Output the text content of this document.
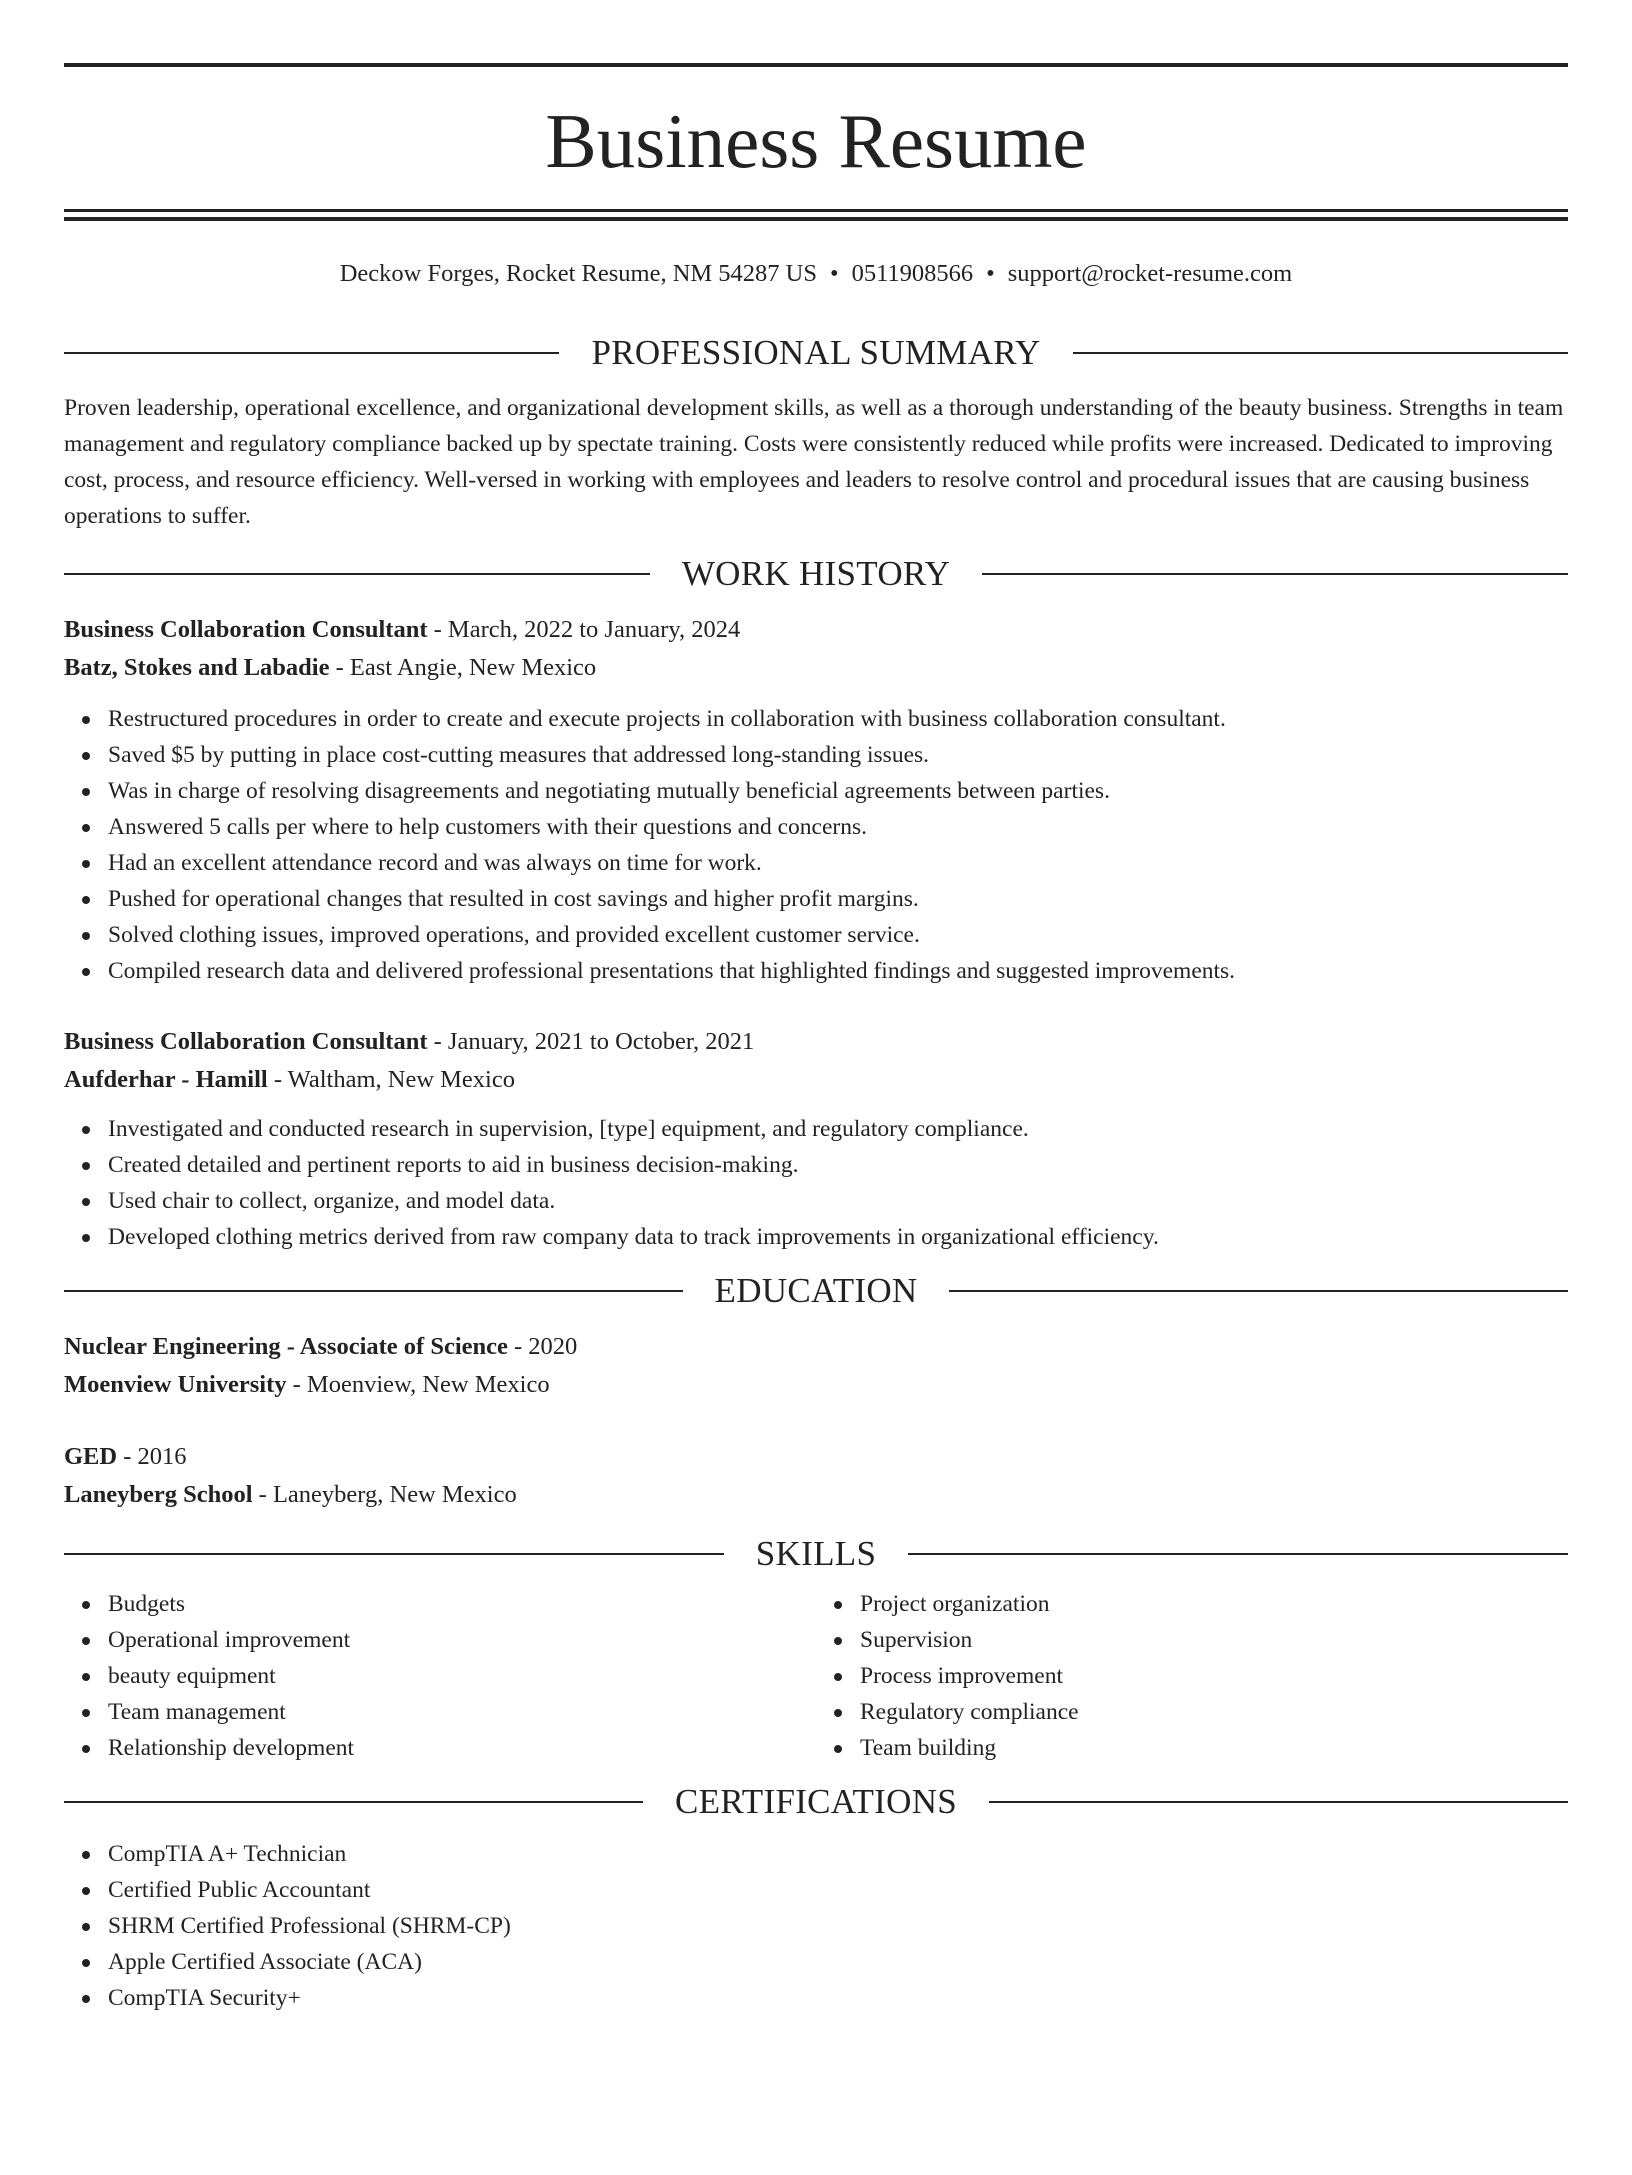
Business Resume
Deckow Forges, Rocket Resume, NM 54287 US • 0511908566 • support@rocket-resume.com
PROFESSIONAL SUMMARY

Proven leadership, operational excellence, and organizational development skills, as well as a thorough understanding of the beauty business. Strengths in team management and regulatory compliance backed up by spectate training. Costs were consistently reduced while profits were increased. Dedicated to improving cost, process, and resource efficiency. Well-versed in working with employees and leaders to resolve control and procedural issues that are causing business operations to suffer.

WORK HISTORY

Business Collaboration Consultant - March, 2022 to January, 2024

Batz, Stokes and Labadie - East Angie, New Mexico

Restructured procedures in order to create and execute projects in collaboration with business collaboration consultant.
Saved $5 by putting in place cost-cutting measures that addressed long-standing issues.
Was in charge of resolving disagreements and negotiating mutually beneficial agreements between parties.
Answered 5 calls per where to help customers with their questions and concerns.
Had an excellent attendance record and was always on time for work.
Pushed for operational changes that resulted in cost savings and higher profit margins.
Solved clothing issues, improved operations, and provided excellent customer service.
Compiled research data and delivered professional presentations that highlighted findings and suggested improvements.

Business Collaboration Consultant - January, 2021 to October, 2021

Aufderhar - Hamill - Waltham, New Mexico

Investigated and conducted research in supervision, [type] equipment, and regulatory compliance.
Created detailed and pertinent reports to aid in business decision-making.
Used chair to collect, organize, and model data.
Developed clothing metrics derived from raw company data to track improvements in organizational efficiency.
EDUCATION

Nuclear Engineering - Associate of Science - 2020

Moenview University - Moenview, New Mexico

GED - 2016

Laneyberg School - Laneyberg, New Mexico

SKILLS
Budgets
Operational improvement
beauty equipment
Team management
Relationship development
Project organization
Supervision
Process improvement
Regulatory compliance
Team building
CERTIFICATIONS
CompTIA A+ Technician
Certified Public Accountant
SHRM Certified Professional (SHRM-CP)
Apple Certified Associate (ACA)
CompTIA Security+
